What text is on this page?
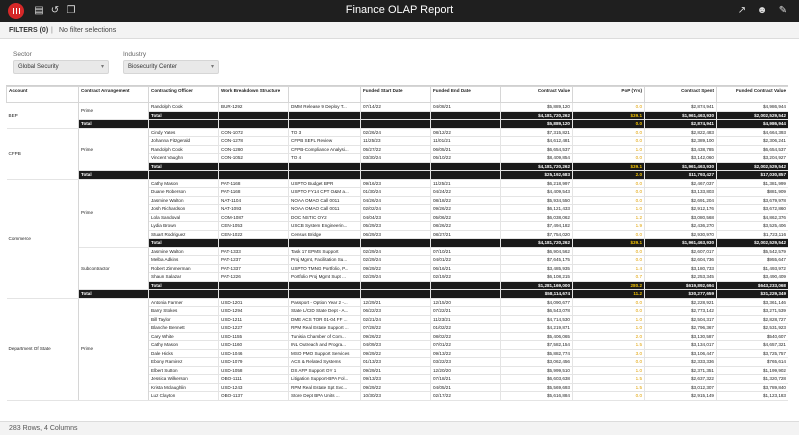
▤ ↺ ❐	Finance OLAP Report	↗ ☻ ✎
FILTERS (0) | No filter selections
Sector
Global Security	▾
Industry
Biosecurity Center	▾
Account	Contract Arrangement	Contracting Officer	Work Breakdown Structure		Funded Start Date	Funded End Date	Contract Value	PoP (Yrs)	Contract Spent	Funded Contract Value
BEP	Prime	Randolph Cook	BUR-1292	DMM Release 9 Deploy T...	07/14/22	04/08/21	$5,889,120	0.0	$2,874,941	$4,986,944
		Total					$4,181,720,262	$39.1	$1,961,463,930	$2,002,529,542
	Total						$5,889,120	0.0	$2,874,941	$4,986,944
CFPB	Prime	Cindy Yates	CON-1072	TO 3	02/26/24	08/12/22	$7,315,821	0.0	$2,822,483	$4,664,393
		Johanna Fitzgerald	CON-1278	CFPB SEFL Review	11/25/23	11/01/21	$4,612,481	0.0	$2,389,100	$2,306,241
		Randolph Cook	CON-1280	CFPB-Compliance Analysi...	05/27/22	06/05/21	$6,654,537	1.0	$3,438,785	$6,654,537
		Vincent Vaughn	CON-1052	TO 4	03/30/24	05/10/22	$8,409,854	0.0	$3,142,060	$3,204,927
		Total					$4,181,720,262	$39.1	$1,961,463,930	$2,002,529,542
	Total						$25,192,683	2.0	$11,793,427	$17,030,857
Commerce	Prime	Cathy Mason	PAT-1168	USPTO Budget BPR	09/16/23	11/25/21	$6,218,997	0.0	$2,467,037	$1,381,999
		Duane Roberson	PAT-1168	USPTO FY14 CPT O&M a...	01/30/24	04/24/22	$4,409,543	0.0	$3,133,803	$881,909
		Jasmine Walton	NAT-1104	NOAA OMAO Call 0011	04/26/24	08/18/22	$5,934,550	0.0	$2,691,204	$3,679,978
		Josh Richardson	NAT-1093	NOAA OMAO Call 0011	02/02/24	09/26/22	$6,121,433	1.0	$2,912,176	$3,672,860
		Lola Sandoval	COM-1087	DOC NSTIC OY2	04/04/23	05/06/22	$6,038,062	1.2	$3,080,568	$4,862,376
		Lydia Brown	CEN-1053	USCB System Engineerin...	05/29/23	08/26/22	$7,494,182	1.9	$2,436,270	$3,525,406
		Stuart Rodriguez	CEN-1022	Census Bridge	06/29/23	08/27/21	$7,754,020	0.0	$2,930,970	$1,723,116
		Total					$4,181,720,262	$39.1	$1,961,463,930	$2,002,529,542
	Subcontractor	Jasmine Walton	PAT-1333	Task 17 EPMS Support	02/29/24	07/10/21	$6,904,562	0.0	$2,607,017	$5,542,579
		Melba Adkins	PAT-1237	Proj Mgmt, Facilitation Su...	02/29/24	04/01/22	$7,645,175	0.0	$2,604,736	$955,647
		Robert Zimmerman	PAT-1337	USPTO TMNG Portfolio, P...	09/29/22	06/16/21	$3,485,935	1.4	$3,180,733	$1,493,972
		Shaun Salazar	PAT-1226	Portfolio Proj Mgmt Supt ...	02/29/24	02/19/22	$6,108,215	0.7	$2,253,345	$3,490,409
		Total					$1,281,169,000	280.2	$619,892,694	$643,233,068
	Total						$58,114,674	11.2	$30,277,659	$31,229,349
Department Of State	Prime	Antonia Farmer	USD-1201	Passport - Option Year 2 -...	12/29/21	12/15/20	$4,090,677	0.0	$2,228,921	$3,361,146
		Barry Stokes	USD-1294	State L/CID State Dept - A...	06/22/23	07/22/21	$6,543,078	0.0	$2,773,142	$3,271,539
		Bill Taylor	USD-1211	DME ACS TOR 01-04 FF ...	02/21/24	11/23/21	$4,714,530	1.0	$2,504,317	$2,828,727
		Blanche Bennett	USD-1227	RPM Real Estate Support ...	07/28/22	01/02/22	$4,219,871	1.0	$2,796,367	$2,531,923
		Cary White	USD-1155	Tunisia Chamber of Com...	09/26/22	08/02/22	$5,406,065	2.0	$3,130,587	$540,607
		Cathy Mason	USD-1160	INL Outreach and Progra...	04/09/23	07/01/22	$7,582,154	1.5	$3,134,017	$4,657,321
		Dale Hicks	USD-1046	MSO PMO Support Services	09/29/22	09/13/22	$5,882,774	3.0	$3,106,447	$3,725,757
		Ebony Ramirez	USD-1079	ACS & Related Systems	01/13/23	03/22/23	$3,062,456	0.0	$2,333,336	$765,614
		Elbert Sutton	USD-1058	DS AFP Support OY 1	09/29/21	12/20/20	$5,999,510	1.0	$2,371,351	$1,199,902
		Jessica Wilkerson	OBO-1111	Litigation Support-BPA Fol...	09/13/23	07/18/21	$6,603,638	1.5	$2,637,322	$1,320,728
		Krista Mclaughlin	USD-1243	RPM Real Estate Spt Svc...	09/29/22	04/05/21	$5,569,693	1.5	$3,012,307	$3,789,840
		Luz Clayton	OBO-1137	Store Dept BPA Units ...	10/30/23	02/17/22	$5,616,884	0.0	$2,915,149	$1,123,183
283 Rows, 4 Columns
